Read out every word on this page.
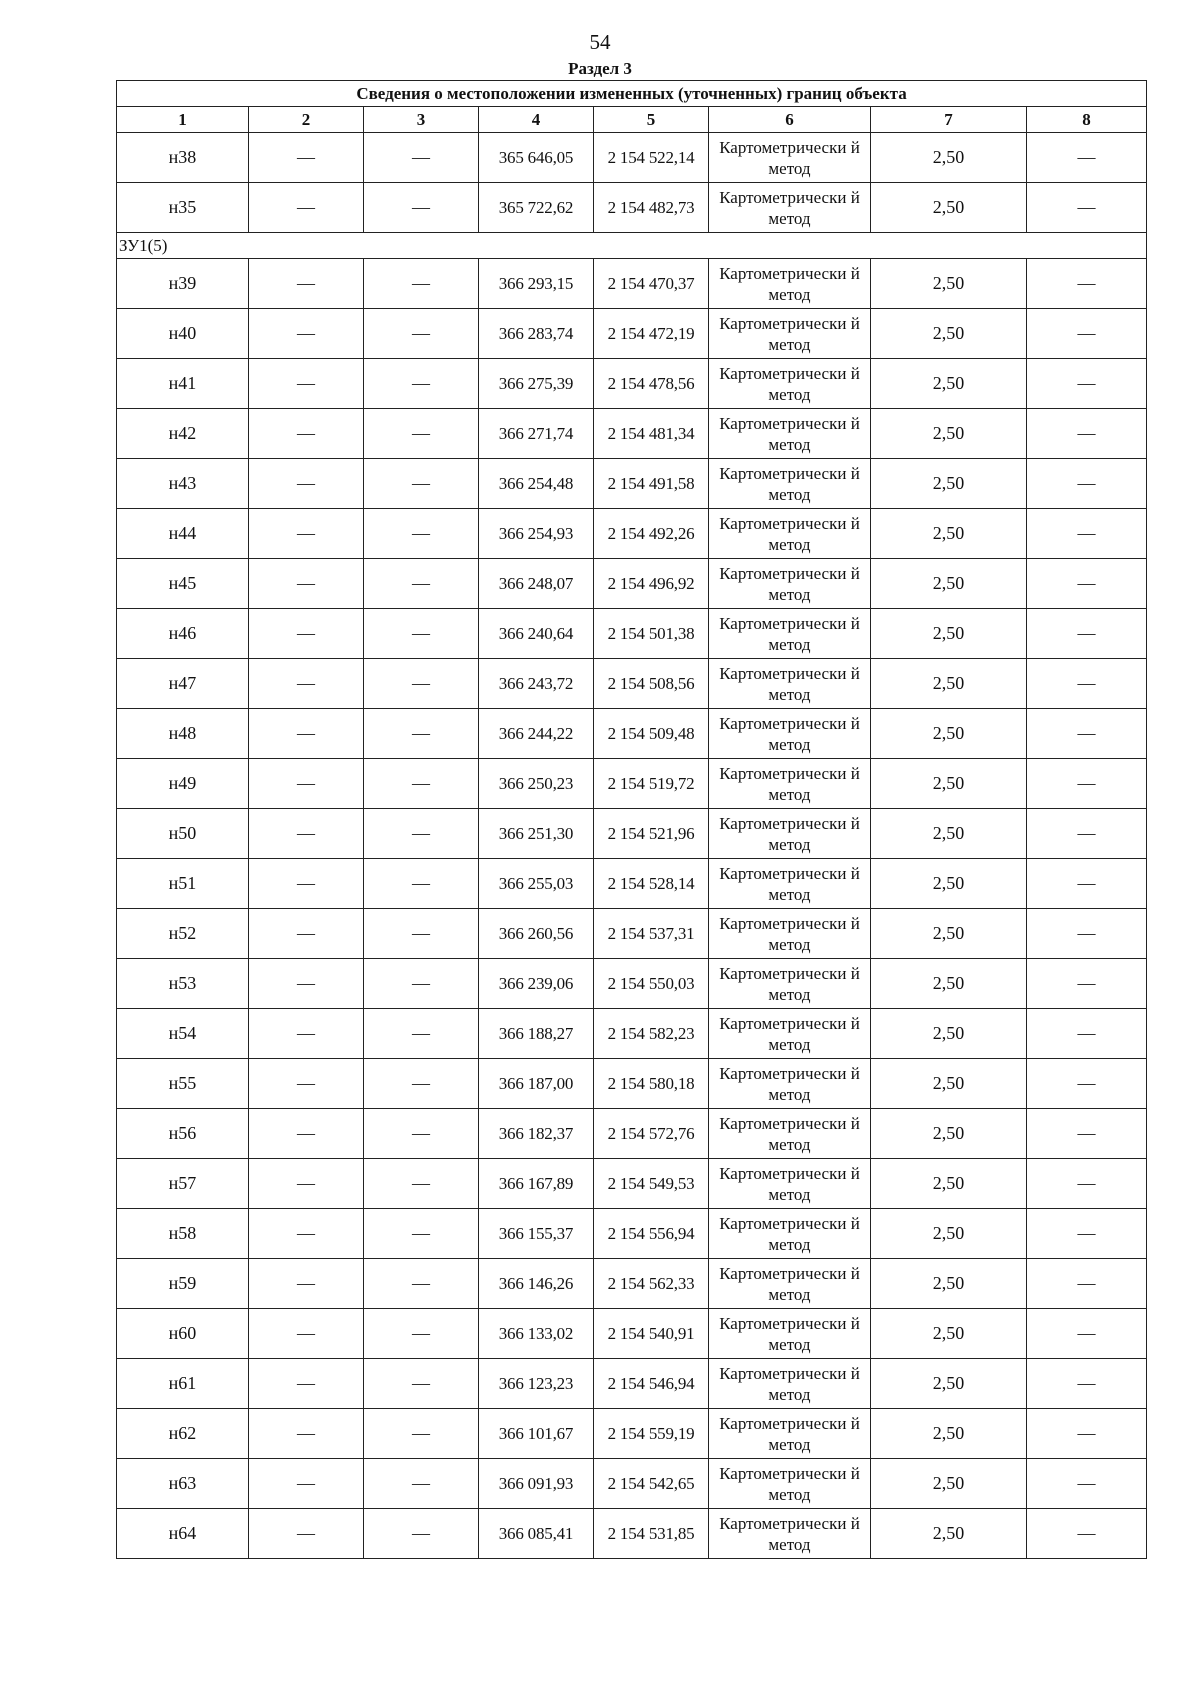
54
Раздел 3
Сведения о местоположении измененных (уточненных) границ объекта							
1	2	3	4	5	6	7	8
н38	—	—	365 646,05	2 154 522,14	Картометрически й метод	2,50	—
н35	—	—	365 722,62	2 154 482,73	Картометрически й метод	2,50	—
ЗУ1(5)							
н39	—	—	366 293,15	2 154 470,37	Картометрически й метод	2,50	—
н40	—	—	366 283,74	2 154 472,19	Картометрически й метод	2,50	—
н41	—	—	366 275,39	2 154 478,56	Картометрически й метод	2,50	—
н42	—	—	366 271,74	2 154 481,34	Картометрически й метод	2,50	—
н43	—	—	366 254,48	2 154 491,58	Картометрически й метод	2,50	—
н44	—	—	366 254,93	2 154 492,26	Картометрически й метод	2,50	—
н45	—	—	366 248,07	2 154 496,92	Картометрически й метод	2,50	—
н46	—	—	366 240,64	2 154 501,38	Картометрически й метод	2,50	—
н47	—	—	366 243,72	2 154 508,56	Картометрически й метод	2,50	—
н48	—	—	366 244,22	2 154 509,48	Картометрически й метод	2,50	—
н49	—	—	366 250,23	2 154 519,72	Картометрически й метод	2,50	—
н50	—	—	366 251,30	2 154 521,96	Картометрически й метод	2,50	—
н51	—	—	366 255,03	2 154 528,14	Картометрически й метод	2,50	—
н52	—	—	366 260,56	2 154 537,31	Картометрически й метод	2,50	—
н53	—	—	366 239,06	2 154 550,03	Картометрически й метод	2,50	—
н54	—	—	366 188,27	2 154 582,23	Картометрически й метод	2,50	—
н55	—	—	366 187,00	2 154 580,18	Картометрически й метод	2,50	—
н56	—	—	366 182,37	2 154 572,76	Картометрически й метод	2,50	—
н57	—	—	366 167,89	2 154 549,53	Картометрически й метод	2,50	—
н58	—	—	366 155,37	2 154 556,94	Картометрически й метод	2,50	—
н59	—	—	366 146,26	2 154 562,33	Картометрически й метод	2,50	—
н60	—	—	366 133,02	2 154 540,91	Картометрически й метод	2,50	—
н61	—	—	366 123,23	2 154 546,94	Картометрически й метод	2,50	—
н62	—	—	366 101,67	2 154 559,19	Картометрически й метод	2,50	—
н63	—	—	366 091,93	2 154 542,65	Картометрически й метод	2,50	—
н64	—	—	366 085,41	2 154 531,85	Картометрически й метод	2,50	—
